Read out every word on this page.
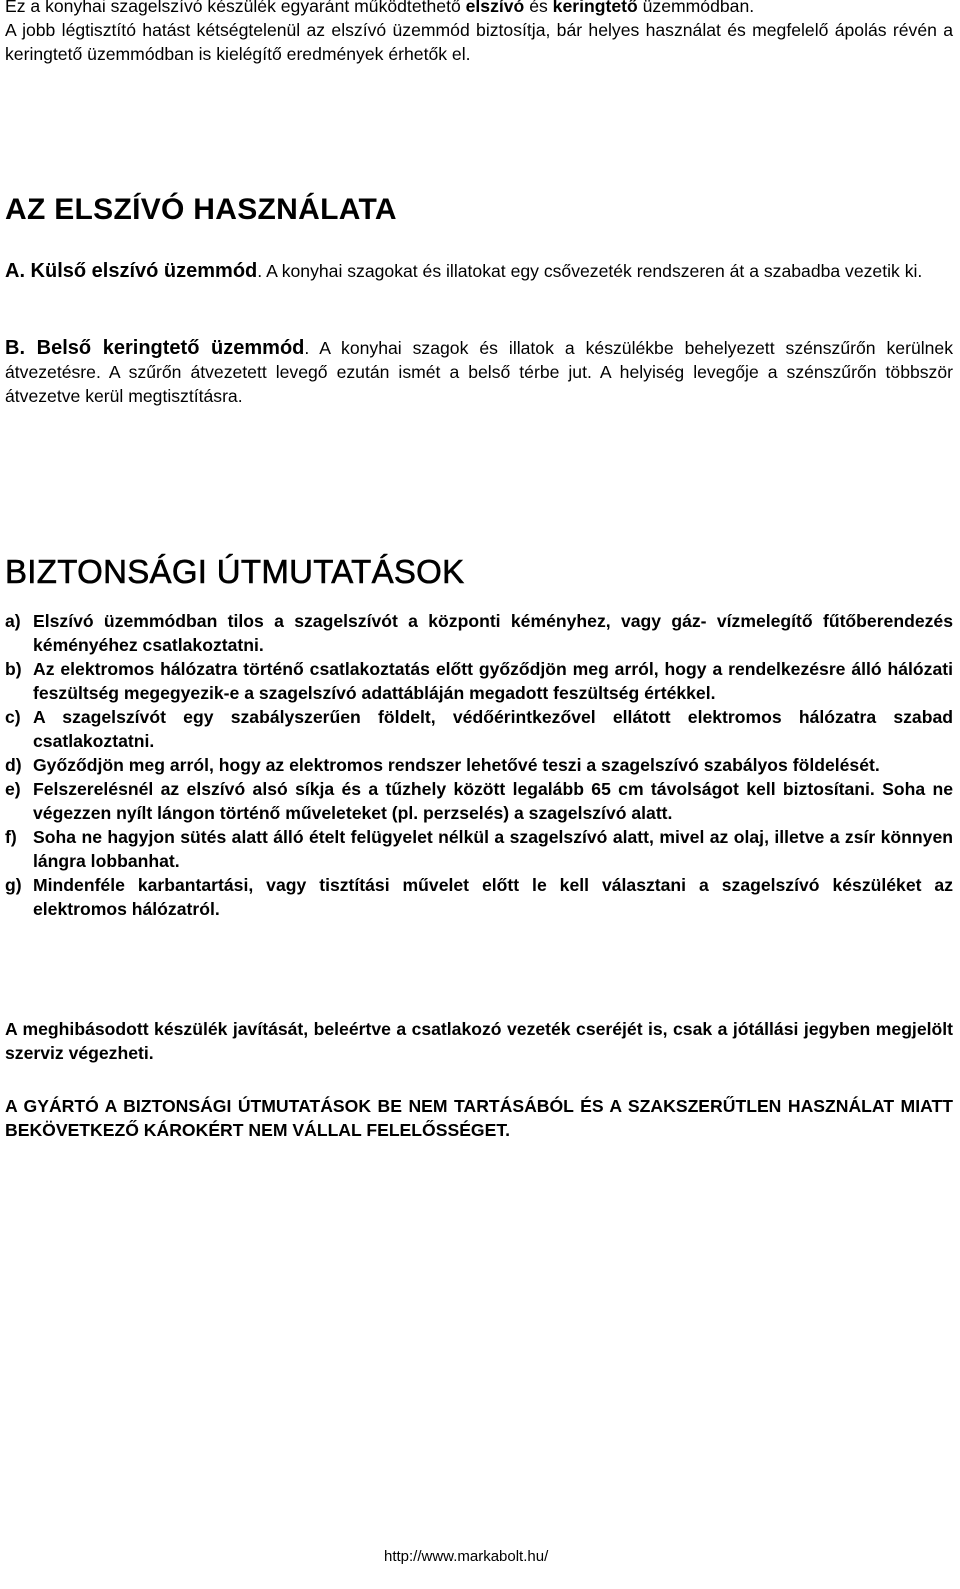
Ez a konyhai szagelszívó készülék egyaránt működtethető elszívó és keringtető üzemmódban.
A jobb légtisztító hatást kétségtelenül az elszívó üzemmód biztosítja, bár helyes használat és megfelelő ápolás révén a keringtető üzemmódban is kielégítő eredmények érhetők el.
AZ ELSZÍVÓ HASZNÁLATA
A. Külső elszívó üzemmód. A konyhai szagokat és illatokat egy csővezeték rendszeren át a szabadba vezetik ki.
B. Belső keringtető üzemmód. A konyhai szagok és illatok a készülékbe behelyezett szénszűrőn kerülnek átvezetésre. A szűrőn átvezetett levegő ezután ismét a belső térbe jut. A helyiség levegője a szénszűrőn többször átvezetve kerül megtisztításra.
BIZTONSÁGI ÚTMUTATÁSOK
a) Elszívó üzemmódban tilos a szagelszívót a központi kéményhez, vagy gáz- vízmelegítő fűtőberendezés kéményéhez csatlakoztatni.
b) Az elektromos hálózatra történő csatlakoztatás előtt győződjön meg arról, hogy a rendelkezésre álló hálózati feszültség megegyezik-e a szagelszívó adattábláján megadott feszültség értékkel.
c) A szagelszívót egy szabályszerűen földelt, védőérintkezővel ellátott elektromos hálózatra szabad csatlakoztatni.
d) Győződjön meg arról, hogy az elektromos rendszer lehetővé teszi a szagelszívó szabályos földelését.
e) Felszerelésnél az elszívó alsó síkja és a tűzhely között legalább 65 cm távolságot kell biztosítani. Soha ne végezzen nyílt lángon történő műveleteket (pl. perzselés) a szagelszívó alatt.
f) Soha ne hagyjon sütés alatt álló ételt felügyelet nélkül a szagelszívó alatt, mivel az olaj, illetve a zsír könnyen lángra lobbanhat.
g) Mindenféle karbantartási, vagy tisztítási művelet előtt le kell választani a szagelszívó készüléket az elektromos hálózatról.
A meghibásodott készülék javítását, beleértve a csatlakozó vezeték cseréjét is, csak a jótállási jegyben megjelölt szerviz végezheti.
A GYÁRTÓ A BIZTONSÁGI ÚTMUTATÁSOK BE NEM TARTÁSÁBÓL ÉS A SZAKSZERŰTLEN HASZNÁLAT MIATT BEKÖVETKEZŐ KÁROKÉRT NEM VÁLLAL FELELŐSSÉGET.
http://www.markabolt.hu/
